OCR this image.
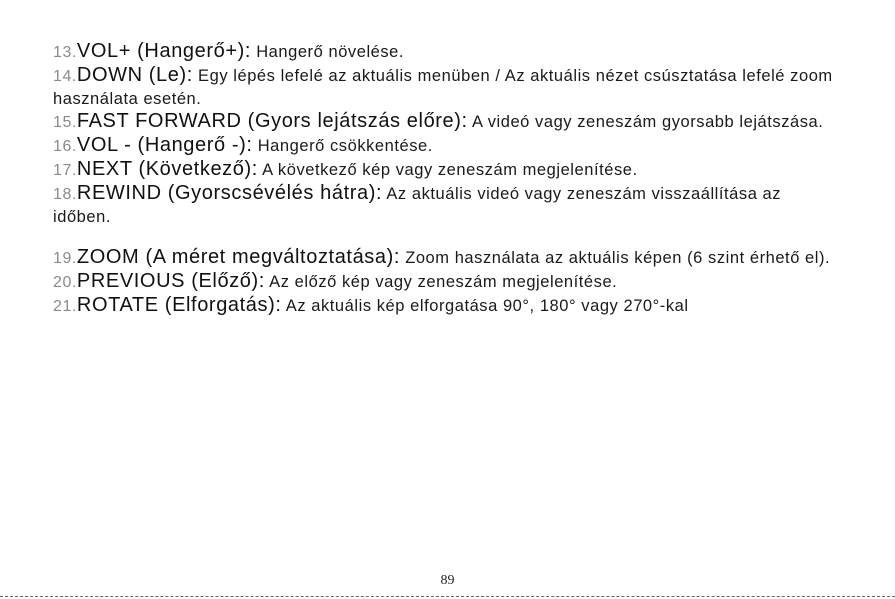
13.VOL+ (Hangerő+): Hangerő növelése.

14.DOWN (Le): Egy lépés lefelé az aktuális menüben / Az aktuális nézet csúsztatása lefelé zoom használata esetén.

15.FAST FORWARD (Gyors lejátszás előre): A videó vagy zeneszám gyorsabb lejátszása.

16.VOL - (Hangerő -): Hangerő csökkentése.

17.NEXT (Következő): A következő kép vagy zeneszám megjelenítése.

18.REWIND (Gyorscsévélés hátra): Az aktuális videó vagy zeneszám visszaállítása az időben.

19.ZOOM (A méret megváltoztatása): Zoom használata az aktuális képen (6 szint érhető el).

20.PREVIOUS (Előző): Az előző kép vagy zeneszám megjelenítése.

21.ROTATE (Elforgatás): Az aktuális kép elforgatása 90°, 180° vagy 270°-kal

89
